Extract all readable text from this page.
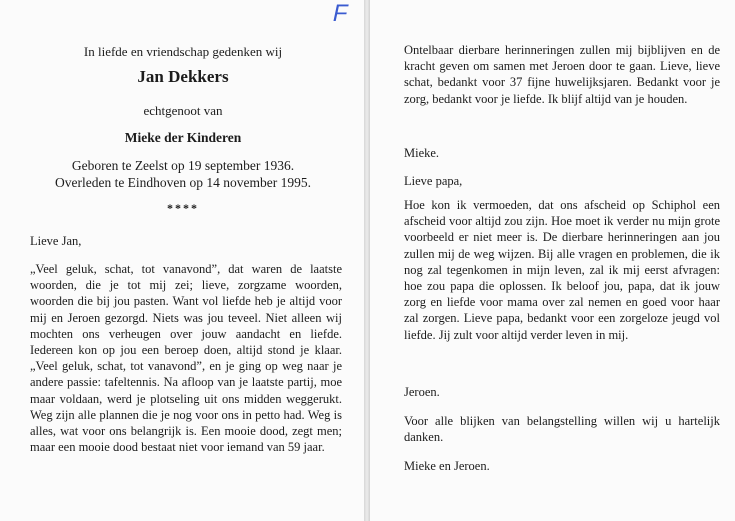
F
In liefde en vriendschap gedenken wij
Jan Dekkers
echtgenoot van
Mieke der Kinderen
Geboren te Zeelst op 19 september 1936.
Overleden te Eindhoven op 14 november 1995.
****
Lieve Jan,
„Veel geluk, schat, tot vanavond”, dat waren de laatste woorden, die je tot mij zei; lieve, zorgzame woorden, woorden die bij jou pasten. Want vol liefde heb je altijd voor mij en Jeroen gezorgd. Niets was jou teveel. Niet alleen wij mochten ons verheugen over jouw aandacht en liefde. Iedereen kon op jou een beroep doen, altijd stond je klaar. „Veel geluk, schat, tot vanavond”, en je ging op weg naar je andere passie: tafeltennis. Na afloop van je laatste partij, moe maar voldaan, werd je plotseling uit ons midden weggerukt. Weg zijn alle plannen die je nog voor ons in petto had. Weg is alles, wat voor ons belangrijk is. Een mooie dood, zegt men; maar een mooie dood bestaat niet voor iemand van 59 jaar.
Ontelbaar dierbare herinneringen zullen mij bijblijven en de kracht geven om samen met Jeroen door te gaan. Lieve, lieve schat, bedankt voor 37 fijne huwelijksjaren. Bedankt voor je zorg, bedankt voor je liefde. Ik blijf altijd van je houden.
Mieke.
Lieve papa,
Hoe kon ik vermoeden, dat ons afscheid op Schiphol een afscheid voor altijd zou zijn. Hoe moet ik verder nu mijn grote voorbeeld er niet meer is. De dierbare herinneringen aan jou zullen mij de weg wijzen. Bij alle vragen en problemen, die ik nog zal tegenkomen in mijn leven, zal ik mij eerst afvragen: hoe zou papa die oplossen. Ik beloof jou, papa, dat ik jouw zorg en liefde voor mama over zal nemen en goed voor haar zal zorgen. Lieve papa, bedankt voor een zorgeloze jeugd vol liefde. Jij zult voor altijd verder leven in mij.
Jeroen.
Voor alle blijken van belangstelling willen wij u hartelijk danken.
Mieke en Jeroen.
